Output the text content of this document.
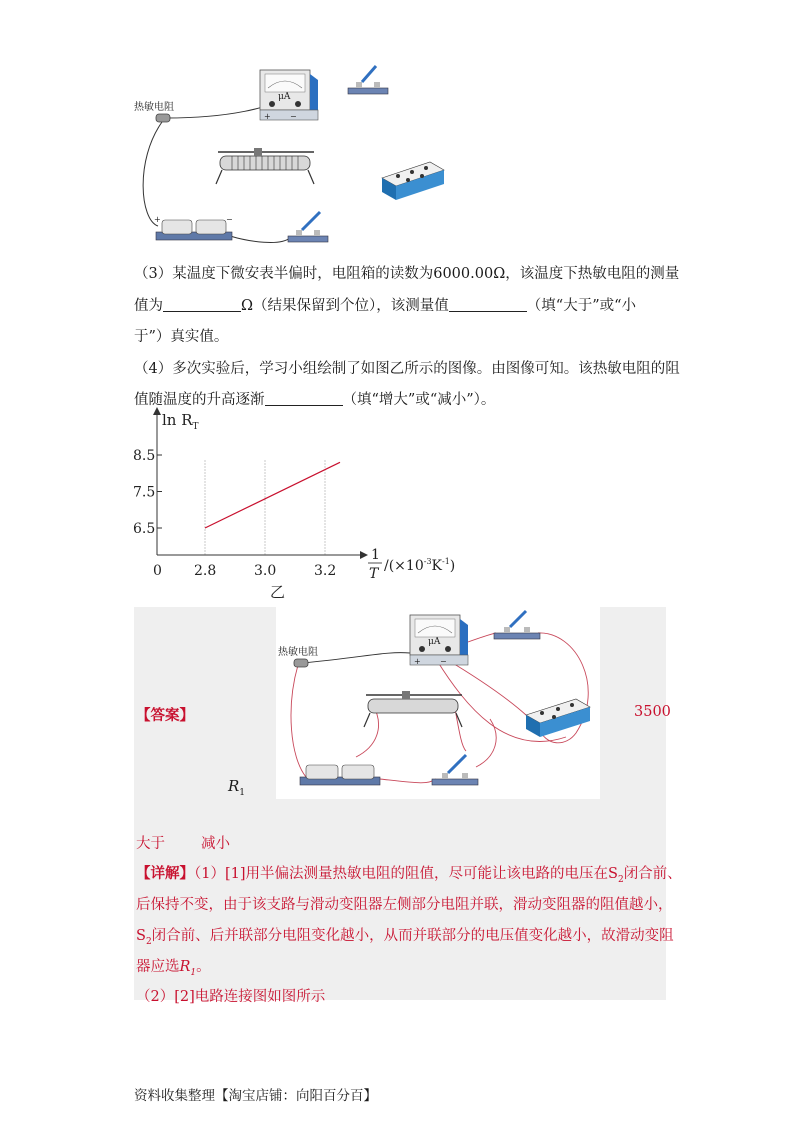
热敏电阻
μA
+ −
+	−
（3）某温度下微安表半偏时，电阻箱的读数为6000.00Ω，该温度下热敏电阻的测量
值为	Ω（结果保留到个位），该测量值	（填“大于”或“小
于”）真实值。
（4）多次实验后，学习小组绘制了如图乙所示的图像。由图像可知。该热敏电阻的阻
值随温度的升高逐渐	（填“增大”或“减小”）。
2.8	3.0	3.2
6.5
7.5
8.5
$\ln R_T$
0
1
T $/(\times 10^{-3}K^{-1})$
乙
热敏电阻
μA
+ −
【答案】	3500
$R_1$
大于 减小
【详解】（1）[1]用半偏法测量热敏电阻的阻值，尽可能让该电路的电压在$S_2$闭合前、
后保持不变，由于该支路与滑动变阻器左侧部分电阻并联，滑动变阻器的阻值越小，
$S_2$闭合前、后并联部分电阻变化越小，从而并联部分的电压值变化越小，故滑动变阻
器应选$R_1$。
（2）[2]电路连接图如图所示
资料收集整理【淘宝店铺：向阳百分百】
